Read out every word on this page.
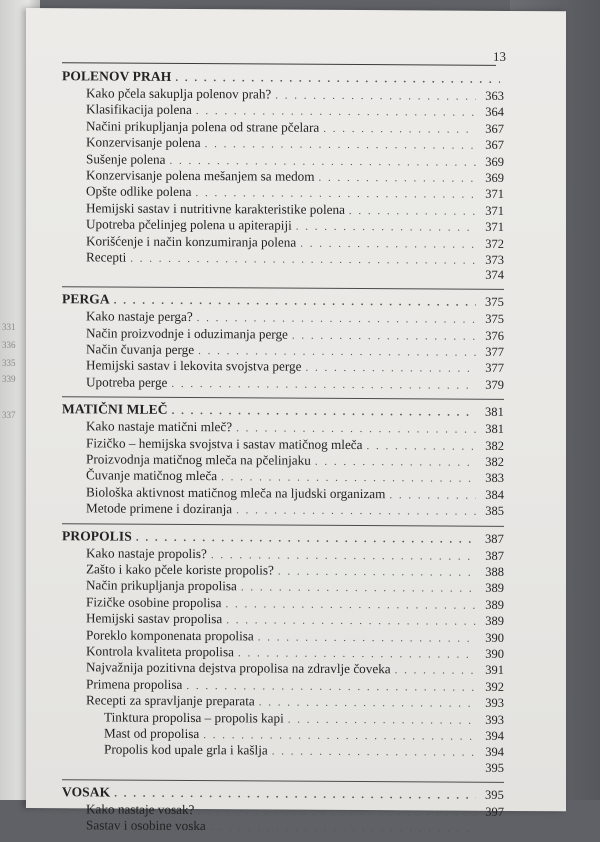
331
336
335
339
337
13
POLENOV PRAH
. . .
Kako pčela sakuplja polenov prah? . . .	363
Klasifikacija polena . . .	364
Načini prikupljanja polena od strane pčelara . . .	367
Konzervisanje polena . . .	367
Sušenje polena . . .	369
Konzervisanje polena mešanjem sa medom . . .	369
Opšte odlike polena . . .	371
Hemijski sastav i nutritivne karakteristike polena . . .	371
Upotreba pčelinjeg polena u apiterapiji . . .	371
Korišćenje i način konzumiranja polena . . .	372
Recepti . . .	373
374
PERGA . . .	375
Kako nastaje perga? . . .	375
Način proizvodnje i oduzimanja perge . . .	376
Način čuvanja perge . . .	377
Hemijski sastav i lekovita svojstva perge . . .	377
Upotreba perge . . .	379
MATIČNI MLEČ . . .	381
Kako nastaje matični mleč? . . .	381
Fizičko – hemijska svojstva i sastav matičnog mleča . . .	382
Proizvodnja matičnog mleča na pčelinjaku . . .	382
Čuvanje matičnog mleča . . .	383
Biološka aktivnost matičnog mleča na ljudski organizam . . .	384
Metode primene i doziranja . . .	385
PROPOLIS . . .	387
Kako nastaje propolis? . . .	387
Zašto i kako pčele koriste propolis? . . .	388
Način prikupljanja propolisa . . .	389
Fizičke osobine propolisa . . .	389
Hemijski sastav propolisa . . .	389
Poreklo komponenata propolisa . . .	390
Kontrola kvaliteta propolisa . . .	390
Najvažnija pozitivna dejstva propolisa na zdravlje čoveka . . .	391
Primena propolisa . . .	392
Recepti za spravljanje preparata . . .	393
Tinktura propolisa – propolis kapi . . .	393
Mast od propolisa . . .	394
Propolis kod upale grla i kašlja . . .	394
395
VOSAK . . .	395
Kako nastaje vosak? . . .	397
Sastav i osobine voska
. . .
